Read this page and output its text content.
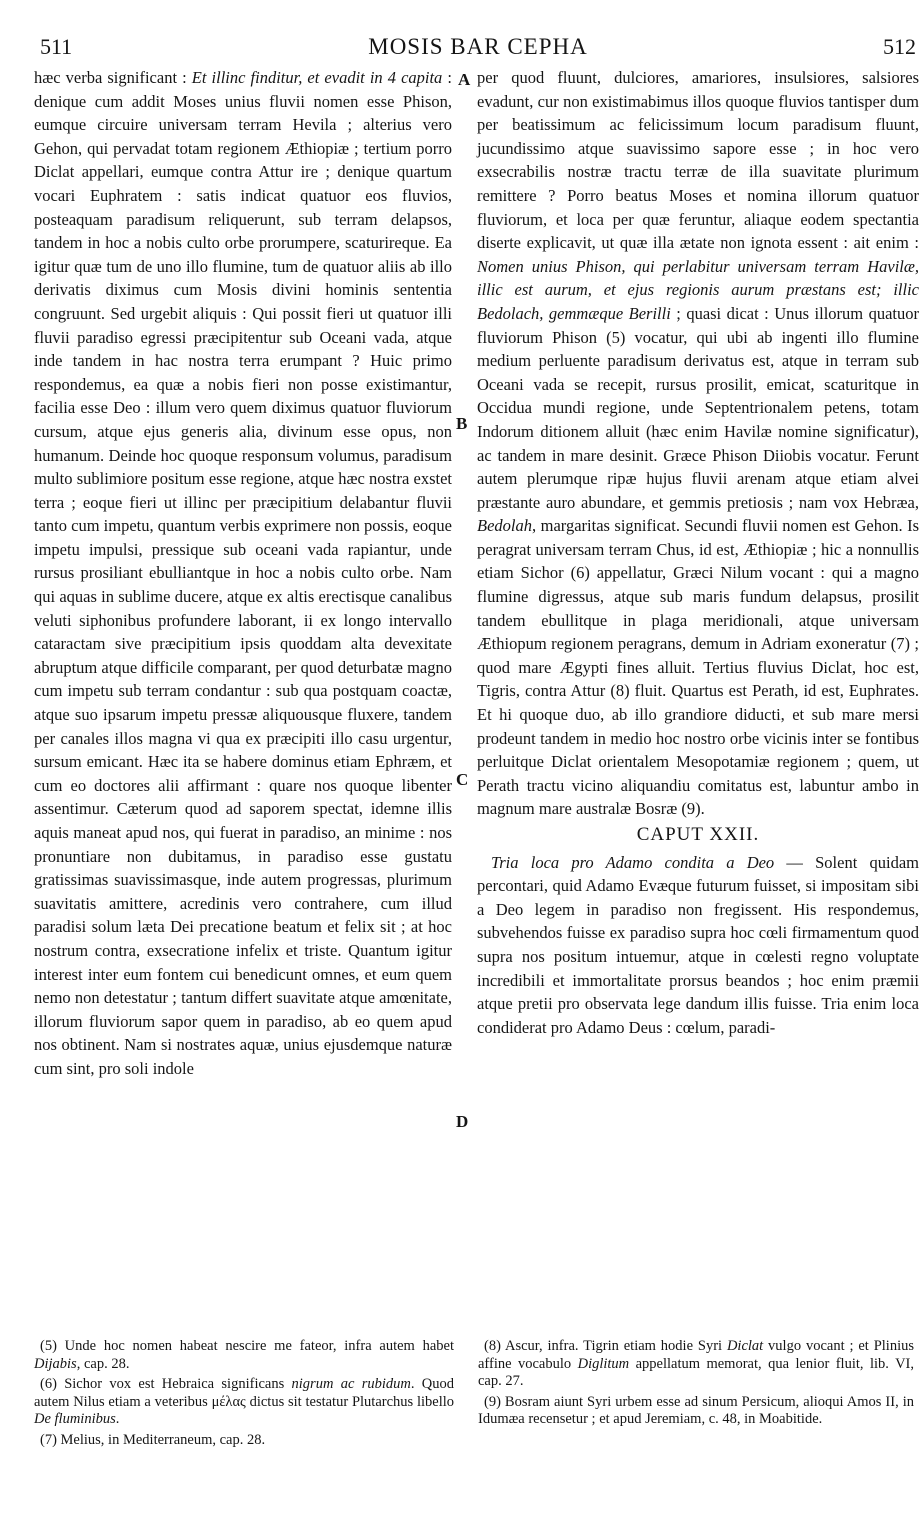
511	MOSIS BAR CEPHA	512

hæc verba significant : Et illinc finditur, et evadit in 4 capita : denique cum addit Moses unius fluvii nomen esse Phison, eumque circuire universam terram Hevila ; alterius vero Gehon, qui pervadat totam regionem Æthiopiæ ; tertium porro Diclat appellari, eumque contra Attur ire ; denique quartum vocari Euphratem : satis indicat quatuor eos fluvios, posteaquam paradisum reliquerunt, sub terram delapsos, tandem in hoc a nobis culto orbe prorumpere, scaturireque. Ea igitur quæ tum de uno illo flumine, tum de quatuor aliis ab illo derivatis diximus cum Mosis divini hominis sententia congruunt. Sed urgebit aliquis : Qui possit fieri ut quatuor illi fluvii paradiso egressi præcipitentur sub Oceani vada, atque inde tandem in hac nostra terra erumpant ? Huic primo respondemus, ea quæ a nobis fieri non posse existimantur, facilia esse Deo : illum vero quem diximus quatuor fluviorum cursum, atque ejus generis alia, divinum esse opus, non humanum. Deinde hoc quoque responsum volumus, paradisum multo sublimiore positum esse regione, atque hæc nostra exstet terra ; eoque fieri ut illinc per præcipitium delabantur fluvii tanto cum impetu, quantum verbis exprimere non possis, eoque impetu impulsi, pressique sub oceani vada rapiantur, unde rursus prosiliant ebulliantque in hoc a nobis culto orbe. Nam qui aquas in sublime ducere, atque ex altis erectisque canalibus veluti siphonibus profundere laborant, ii ex longo intervallo cataractam sive præcipitium ipsis quoddam alta devexitate abruptum atque difficile comparant, per quod deturbatæ magno cum impetu sub terram condantur : sub qua postquam coactæ, atque suo ipsarum impetu pressæ aliquousque fluxere, tandem per canales illos magna vi qua ex præcipiti illo casu urgentur, sursum emicant. Hæc ita se habere dominus etiam Ephræm, et cum eo doctores alii affirmant : quare nos quoque libenter assentimur. Cæterum quod ad saporem spectat, idemne illis aquis maneat apud nos, qui fuerat in paradiso, an minime : nos pronuntiare non dubitamus, in paradiso esse gustatu gratissimas suavissimasque, inde autem progressas, plurimum suavitatis amittere, acredinis vero contrahere, cum illud paradisi solum læta Dei precatione beatum et felix sit ; at hoc nostrum contra, exsecratione infelix et triste. Quantum igitur interest inter eum fontem cui benedicunt omnes, et eum quem nemo non detestatur ; tantum differt suavitate atque amœnitate, illorum fluviorum sapor quem in paradiso, ab eo quem apud nos obtinent. Nam si nostrates aquæ, unius ejusdemque naturæ cum sint, pro soli indole

A
B
C
D

per quod fluunt, dulciores, amariores, insulsiores, salsiores evadunt, cur non existimabimus illos quoque fluvios tantisper dum per beatissimum ac felicissimum locum paradisum fluunt, jucundissimo atque suavissimo sapore esse ; in hoc vero exsecrabilis nostræ tractu terræ de illa suavitate plurimum remittere ? Porro beatus Moses et nomina illorum quatuor fluviorum, et loca per quæ feruntur, aliaque eodem spectantia diserte explicavit, ut quæ illa ætate non ignota essent : ait enim : Nomen unius Phison, qui perlabitur universam terram Havilæ, illic est aurum, et ejus regionis aurum præstans est; illic Bedolach, gemmæque Berilli ; quasi dicat : Unus illorum quatuor fluviorum Phison (5) vocatur, qui ubi ab ingenti illo flumine medium perluente paradisum derivatus est, atque in terram sub Oceani vada se recepit, rursus prosilit, emicat, scaturitque in Occidua mundi regione, unde Septentrionalem petens, totam Indorum ditionem alluit (hæc enim Havilæ nomine significatur), ac tandem in mare desinit. Græce Phison Diiobis vocatur. Ferunt autem plerumque ripæ hujus fluvii arenam atque etiam alvei præstante auro abundare, et gemmis pretiosis ; nam vox Hebræa, Bedolah, margaritas significat. Secundi fluvii nomen est Gehon. Is peragrat universam terram Chus, id est, Æthiopiæ ; hic a nonnullis etiam Sichor (6) appellatur, Græci Nilum vocant : qui a magno flumine digressus, atque sub maris fundum delapsus, prosilit tandem ebullitque in plaga meridionali, atque universam Æthiopum regionem peragrans, demum in Adriam exoneratur (7) ; quod mare Ægypti fines alluit. Tertius fluvius Diclat, hoc est, Tigris, contra Attur (8) fluit. Quartus est Perath, id est, Euphrates. Et hi quoque duo, ab illo grandiore diducti, et sub mare mersi prodeunt tandem in medio hoc nostro orbe vicinis inter se fontibus perluitque Diclat orientalem Mesopotamiæ regionem ; quem, ut Perath tractu vicino aliquandiu comitatus est, labuntur ambo in magnum mare australæ Bosræ (9).

CAPUT XXII.

Tria loca pro Adamo condita a Deo — Solent quidam percontari, quid Adamo Evæque futurum fuisset, si impositam sibi a Deo legem in paradiso non fregissent. His respondemus, subvehendos fuisse ex paradiso supra hoc cœli firmamentum quod supra nos positum intuemur, atque in cœlesti regno voluptate incredibili et immortalitate prorsus beandos ; hoc enim præmii atque pretii pro observata lege dandum illis fuisse. Tria enim loca condiderat pro Adamo Deus : cœlum, paradi-

(5) Unde hoc nomen habeat nescire me fateor, infra autem habet Dijabis, cap. 28.

(6) Sichor vox est Hebraica significans nigrum ac rubidum. Quod autem Nilus etiam a veteribus μέλας dictus sit testatur Plutarchus libello De fluminibus.

(7) Melius, in Mediterraneum, cap. 28.

(8) Ascur, infra. Tigrin etiam hodie Syri Diclat vulgo vocant ; et Plinius affine vocabulo Diglitum appellatum memorat, qua lenior fluit, lib. VI, cap. 27.

(9) Bosram aiunt Syri urbem esse ad sinum Persicum, alioqui Amos II, in Idumæa recensetur ; et apud Jeremiam, c. 48, in Moabitide.
